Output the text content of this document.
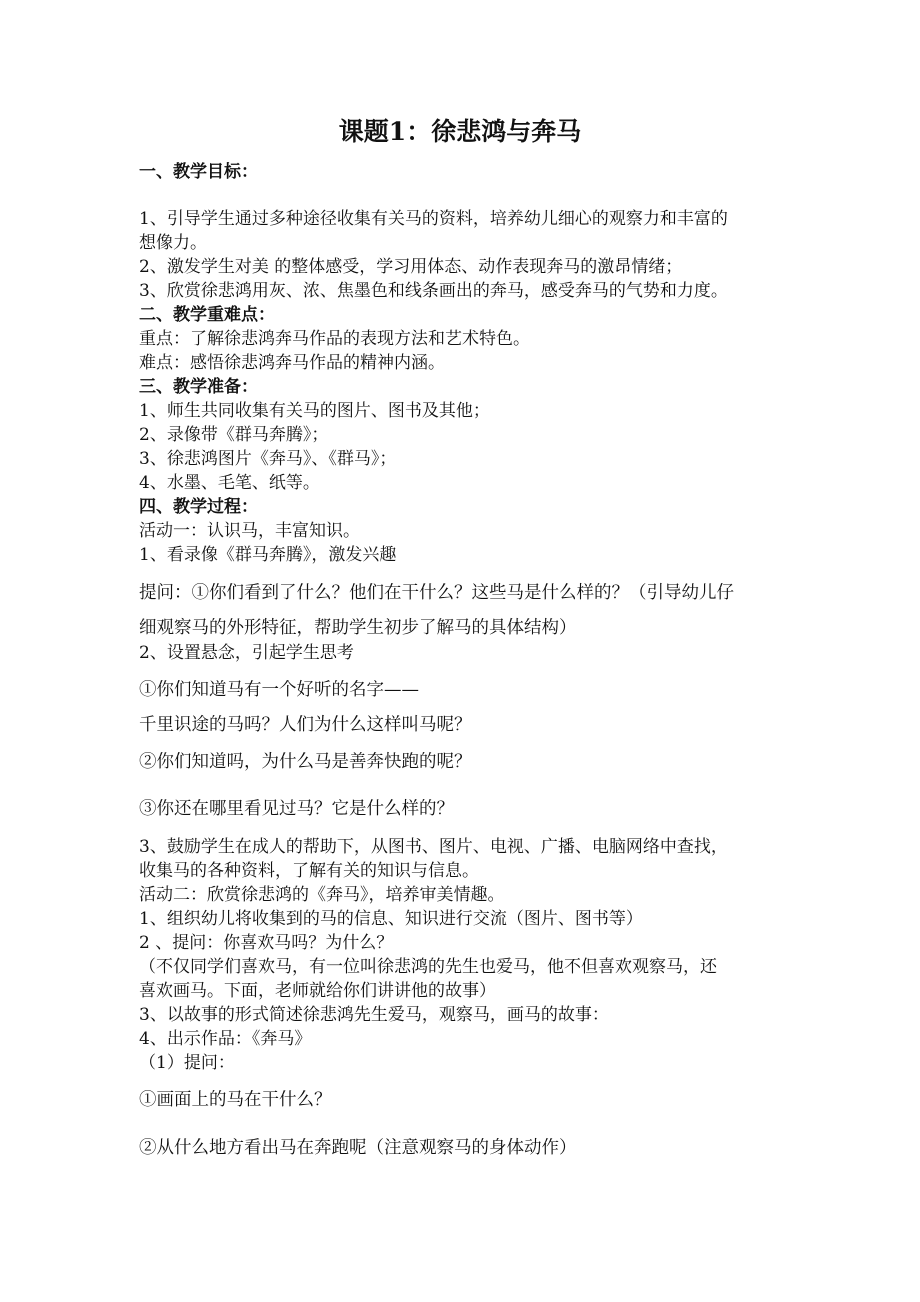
课题1：徐悲鸿与奔马
一、教学目标：
1、引导学生通过多种途径收集有关马的资料，培养幼儿细心的观察力和丰富的
想像力。
2、激发学生对美 的整体感受，学习用体态、动作表现奔马的激昂情绪；
3、欣赏徐悲鸿用灰、浓、焦墨色和线条画出的奔马，感受奔马的气势和力度。
二、教学重难点：
重点：了解徐悲鸿奔马作品的表现方法和艺术特色。
难点：感悟徐悲鸿奔马作品的精神内涵。
三、教学准备：
1、师生共同收集有关马的图片、图书及其他；
2、录像带《群马奔腾》；
3、徐悲鸿图片《奔马》、《群马》；
4、水墨、毛笔、纸等。
四、教学过程：
活动一：认识马，丰富知识。
1、看录像《群马奔腾》，激发兴趣
提问：①你们看到了什么？他们在干什么？这些马是什么样的？（引导幼儿仔
细观察马的外形特征，帮助学生初步了解马的具体结构）
2、设置悬念，引起学生思考
①你们知道马有一个好听的名字——
千里识途的马吗？人们为什么这样叫马呢？
②你们知道吗，为什么马是善奔快跑的呢？
③你还在哪里看见过马？它是什么样的？
3、鼓励学生在成人的帮助下，从图书、图片、电视、广播、电脑网络中查找，
收集马的各种资料，了解有关的知识与信息。
活动二：欣赏徐悲鸿的《奔马》，培养审美情趣。
1、组织幼儿将收集到的马的信息、知识进行交流（图片、图书等）
2 、提问：你喜欢马吗？为什么？
（不仅同学们喜欢马，有一位叫徐悲鸿的先生也爱马，他不但喜欢观察马，还
喜欢画马。下面，老师就给你们讲讲他的故事）
3、以故事的形式简述徐悲鸿先生爱马，观察马，画马的故事：
4、出示作品：《奔马》
（1）提问：
①画面上的马在干什么？
②从什么地方看出马在奔跑呢（注意观察马的身体动作）
